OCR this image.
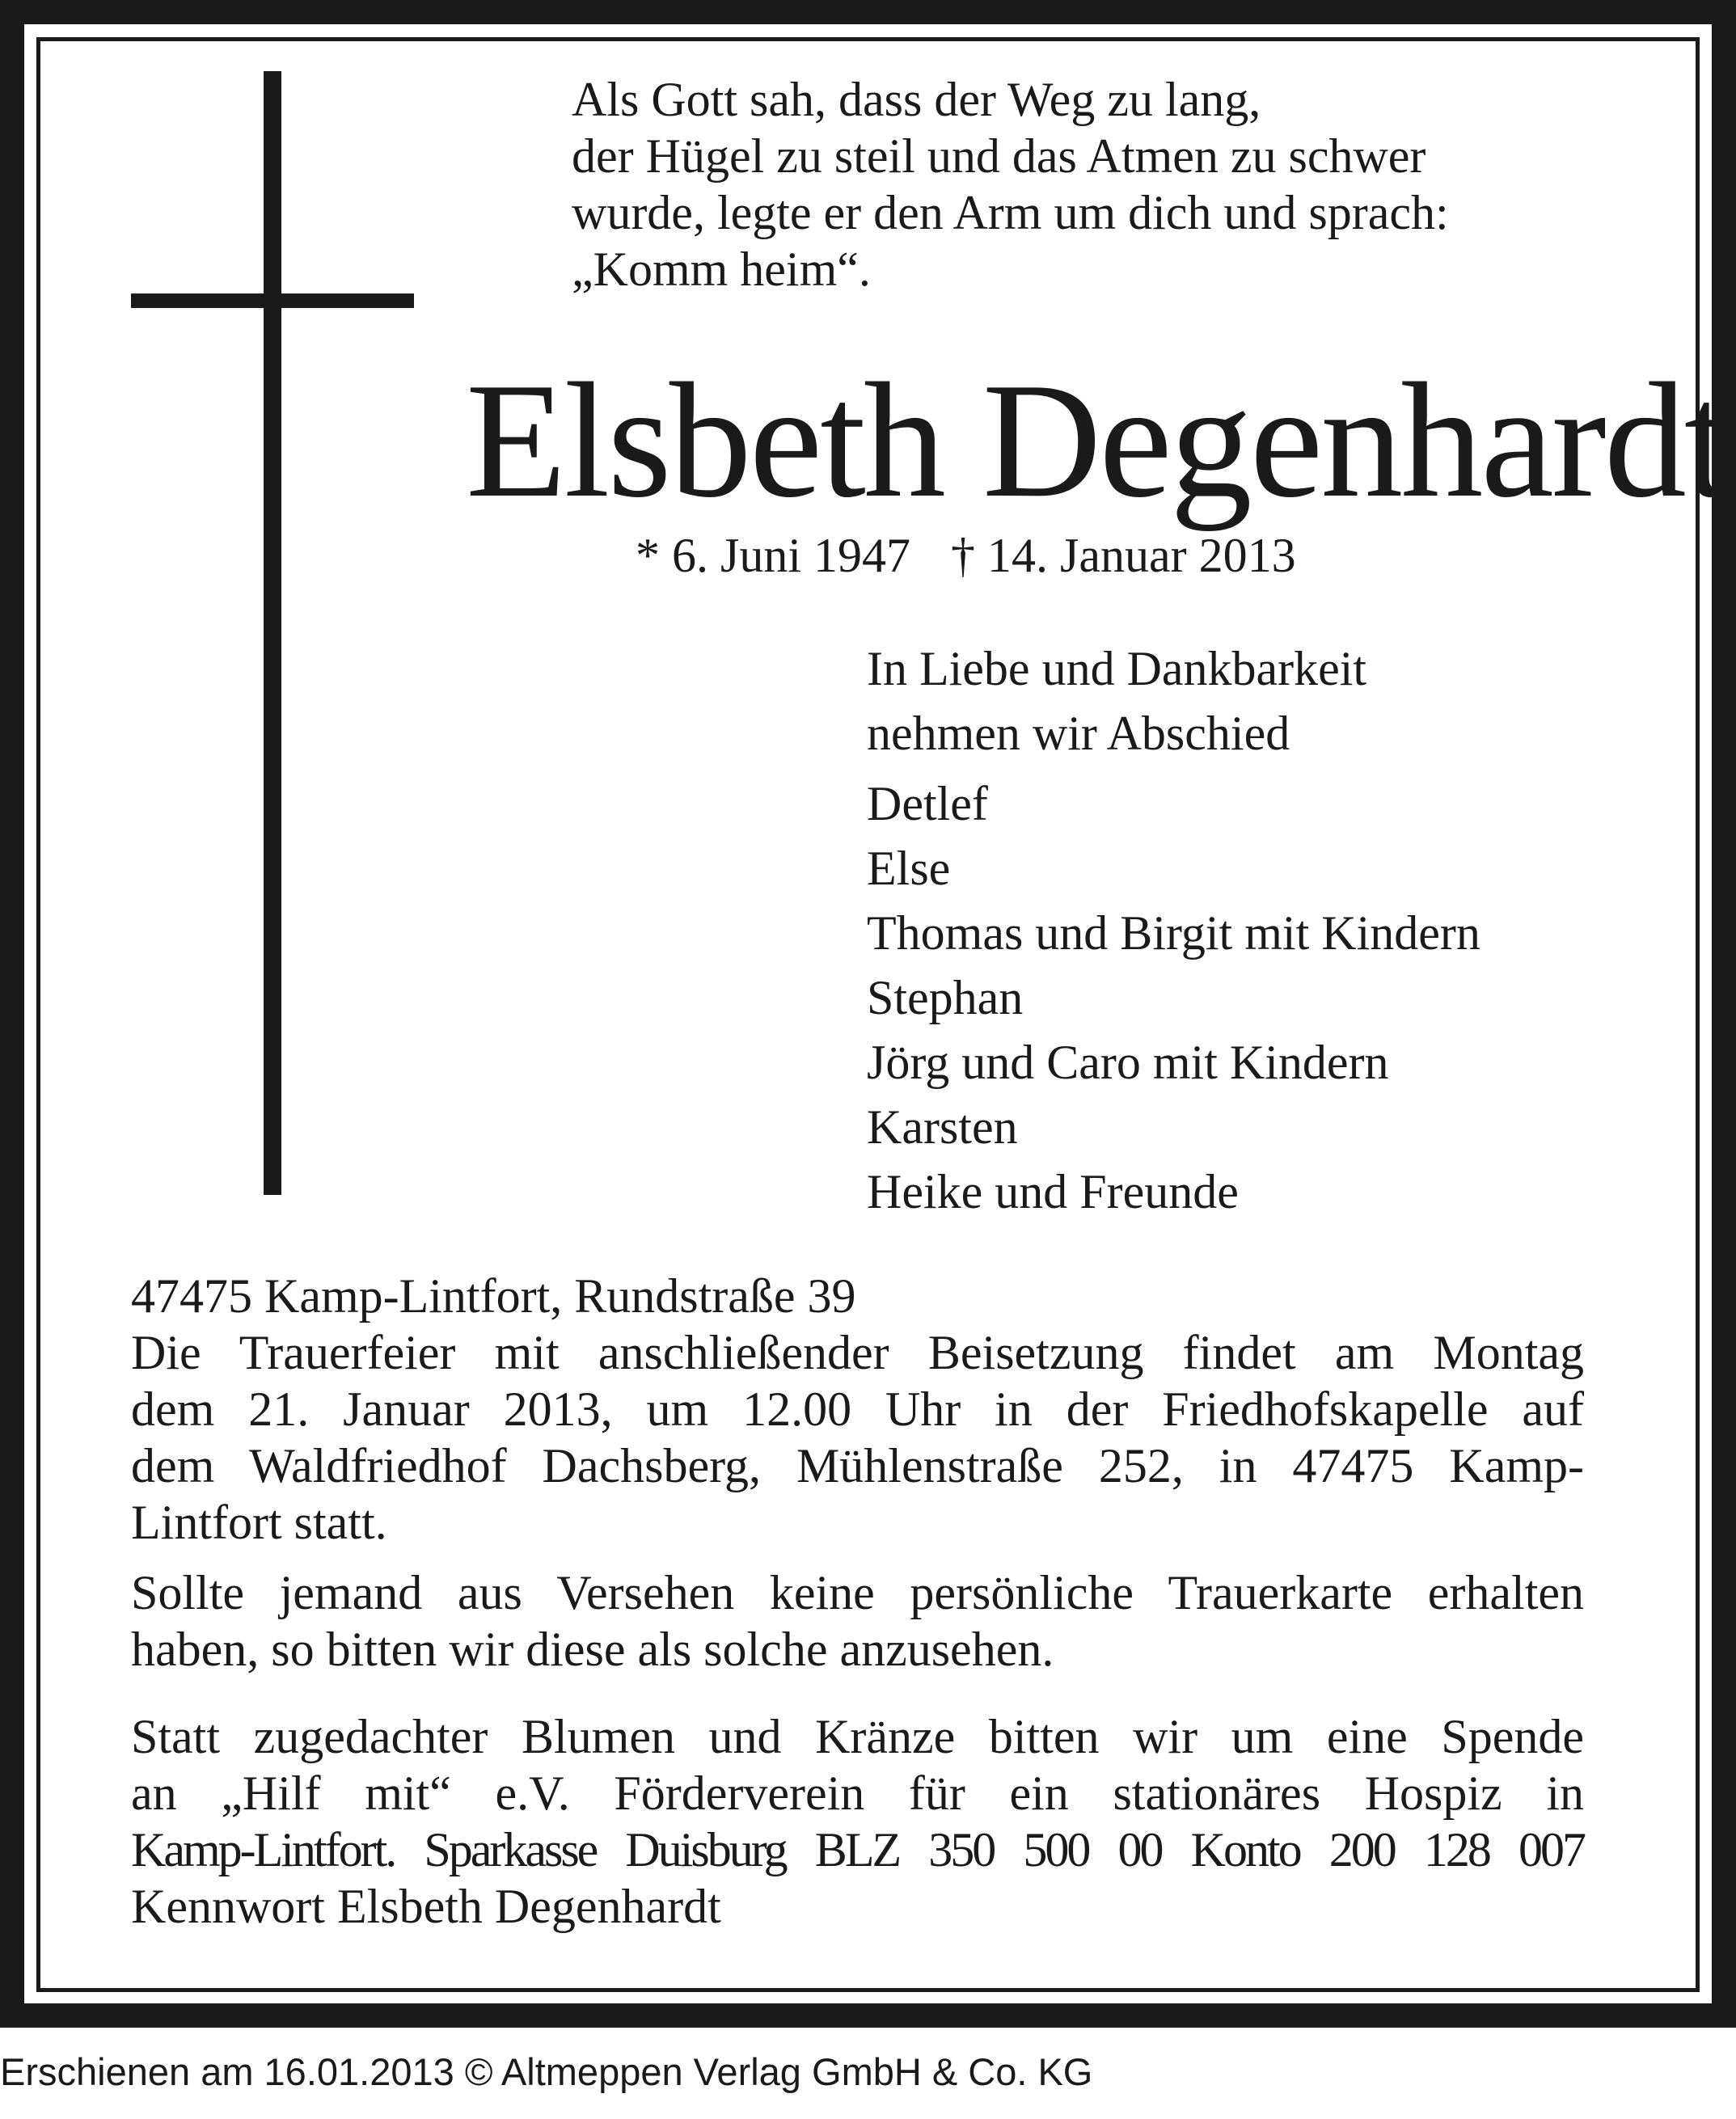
Als Gott sah, dass der Weg zu lang,
der Hügel zu steil und das Atmen zu schwer
wurde, legte er den Arm um dich und sprach:
„Komm heim“.
Elsbeth Degenhardt
* 6. Juni 1947 † 14. Januar 2013
In Liebe und Dankbarkeit
nehmen wir Abschied
Detlef
Else
Thomas und Birgit mit Kindern
Stephan
Jörg und Caro mit Kindern
Karsten
Heike und Freunde
47475 Kamp-Lintfort, Rundstraße 39
Die Trauerfeier mit anschließender Beisetzung findet am Montag
dem 21. Januar 2013, um 12.00 Uhr in der Friedhofskapelle auf
dem Waldfriedhof Dachsberg, Mühlenstraße 252, in 47475 Kamp-
Lintfort statt.
Sollte jemand aus Versehen keine persönliche Trauerkarte erhalten
haben, so bitten wir diese als solche anzusehen.
Statt zugedachter Blumen und Kränze bitten wir um eine Spende
an „Hilf mit“ e.V. Förderverein für ein stationäres Hospiz in
Kamp-Lintfort. Sparkasse Duisburg BLZ 350 500 00 Konto 200 128 007
Kennwort Elsbeth Degenhardt
Erschienen am 16.01.2013 © Altmeppen Verlag GmbH & Co. KG
